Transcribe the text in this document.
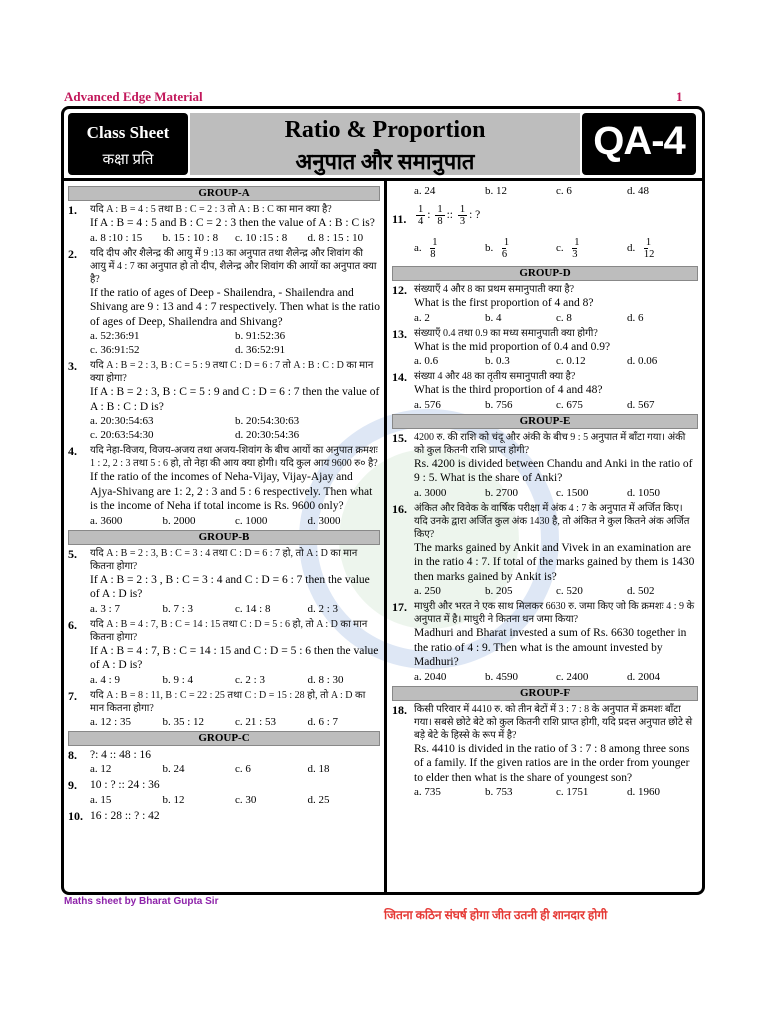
Advanced Edge Material	1
Class Sheet
कक्षा प्रति
Ratio & Proportion
अनुपात और समानुपात	QA-4
GROUP-A
1. यदि A : B = 4 : 5 तथा B : C = 2 : 3 तो A : B : C का मान क्या है?
If A : B = 4 : 5 and B : C = 2 : 3 then the value of A : B : C is?
a. 8 :10 : 15	b. 15 : 10 : 8	c. 10 :15 : 8	d. 8 : 15 : 10
2. यदि दीप और शैलेन्द्र की आयु में 9 :13 का अनुपात तथा शैलेन्द्र और शिवांग की आयु में 4 : 7 का अनुपात हो तो दीप, शैलेन्द्र और शिवांग की आयों का अनुपात क्या है?
If the ratio of ages of Deep - Shailendra, - Shailendra and Shivang are 9 : 13 and 4 : 7 respectively. Then what is the ratio of ages of Deep, Shailendra and Shivang?
a. 52:36:91	b. 91:52:36
c. 36:91:52	d. 36:52:91
3. यदि A : B = 2 : 3, B : C = 5 : 9 तथा C : D = 6 : 7 तो A : B : C : D का मान क्या होगा?
If A : B = 2 : 3, B : C = 5 : 9 and C : D = 6 : 7 then the value of A : B : C : D is?
a. 20:30:54:63	b. 20:54:30:63
c. 20:63:54:30	d. 20:30:54:36
4. यदि नेहा-विजय, विजय-अजय तथा अजय-शिवांग के बीच आयों का अनुपात क्रमशः 1 : 2, 2 : 3 तथा 5 : 6 हो, तो नेहा की आय क्या होगी। यदि कुल आय 9600 रु० है?
If the ratio of the incomes of Neha-Vijay, Vijay-Ajay and Ajya-Shivang are 1: 2, 2 : 3 and 5 : 6 respectively. Then what is the income of Neha if total income is Rs. 9600 only?
a. 3600	b. 2000	c. 1000	d. 3000
GROUP-B
5. यदि A : B = 2 : 3, B : C = 3 : 4 तथा C : D = 6 : 7 हो, तो A : D का मान कितना होगा?
If A : B = 2 : 3 , B : C = 3 : 4 and C : D = 6 : 7 then the value of A : D is?
a. 3 : 7	b. 7 : 3	c. 14 : 8	d. 2 : 3
6. यदि A : B = 4 : 7, B : C = 14 : 15 तथा C : D = 5 : 6 हो, तो A : D का मान कितना होगा?
If A : B = 4 : 7, B : C = 14 : 15 and C : D = 5 : 6 then the value of A : D is?
a. 4 : 9	b. 9 : 4	c. 2 : 3	d. 8 : 30
7. यदि A : B = 8 : 11, B : C = 22 : 25 तथा C : D = 15 : 28 हो, तो A : D का मान कितना होगा?
a. 12 : 35	b. 35 : 12	c. 21 : 53	d. 6 : 7
GROUP-C
8. ?: 4 :: 48 : 16
a. 12	b. 24	c. 6	d. 18
9. 10 : ? :: 24 : 36
a. 15	b. 12	c. 30	d. 25
10. 16 : 28 :: ? : 42
a. 24	b. 12	c. 6	d. 48
11. $\frac{1}{4}$ : $\frac{1}{8}$ :: $\frac{1}{3}$ : ?
a. $\frac{1}{8}$	b. $\frac{1}{6}$	c. $\frac{1}{3}$	d. $\frac{1}{12}$
GROUP-D
12. संख्याएँ 4 और 8 का प्रथम समानुपाती क्या है?
What is the first proportion of 4 and 8?
a. 2	b. 4	c. 8	d. 6
13. संख्याएँ 0.4 तथा 0.9 का मध्य समानुपाती क्या होगी?
What is the mid proportion of 0.4 and 0.9?
a. 0.6	b. 0.3	c. 0.12	d. 0.06
14. संख्या 4 और 48 का तृतीय समानुपाती क्या है?
What is the third proportion of 4 and 48?
a. 576	b. 756	c. 675	d. 567
GROUP-E
15. 4200 रु. की राशि को चंदू और अंकी के बीच 9 : 5 अनुपात में बाँटा गया। अंकी को कुल कितनी राशि प्राप्त होगी?
Rs. 4200 is divided between Chandu and Anki in the ratio of 9 : 5. What is the share of Anki?
a. 3000	b. 2700	c. 1500	d. 1050
16. अंकित और विवेक के वार्षिक परीक्षा में अंक 4 : 7 के अनुपात में अर्जित किए। यदि उनके द्वारा अर्जित कुल अंक 1430 है, तो अंकित ने कुल कितने अंक अर्जित किए?
The marks gained by Ankit and Vivek in an examination are in the ratio 4 : 7. If total of the marks gained by them is 1430 then marks gained by Ankit is?
a. 250	b. 205	c. 520	d. 502
17. माधुरी और भरत ने एक साथ मिलकर 6630 रु. जमा किए जो कि क्रमशः 4 : 9 के अनुपात में है। माधुरी ने कितना धन जमा किया?
Madhuri and Bharat invested a sum of Rs. 6630 together in the ratio of 4 : 9. Then what is the amount invested by Madhuri?
a. 2040	b. 4590	c. 2400	d. 2004
GROUP-F
18. किसी परिवार में 4410 रु. को तीन बेटों में 3 : 7 : 8 के अनुपात में क्रमशः बाँटा गया। सबसे छोटे बेटे को कुल कितनी राशि प्राप्त होगी, यदि प्रदत्त अनुपात छोटे से बड़े बेटे के हिस्से के रूप में है?
Rs. 4410 is divided in the ratio of 3 : 7 : 8 among three sons of a family. If the given ratios are in the order from younger to elder then what is the share of youngest son?
a. 735	b. 753	c. 1751	d. 1960
Maths sheet by Bharat Gupta Sir
जितना कठिन संघर्ष होगा जीत उतनी ही शानदार होगी
